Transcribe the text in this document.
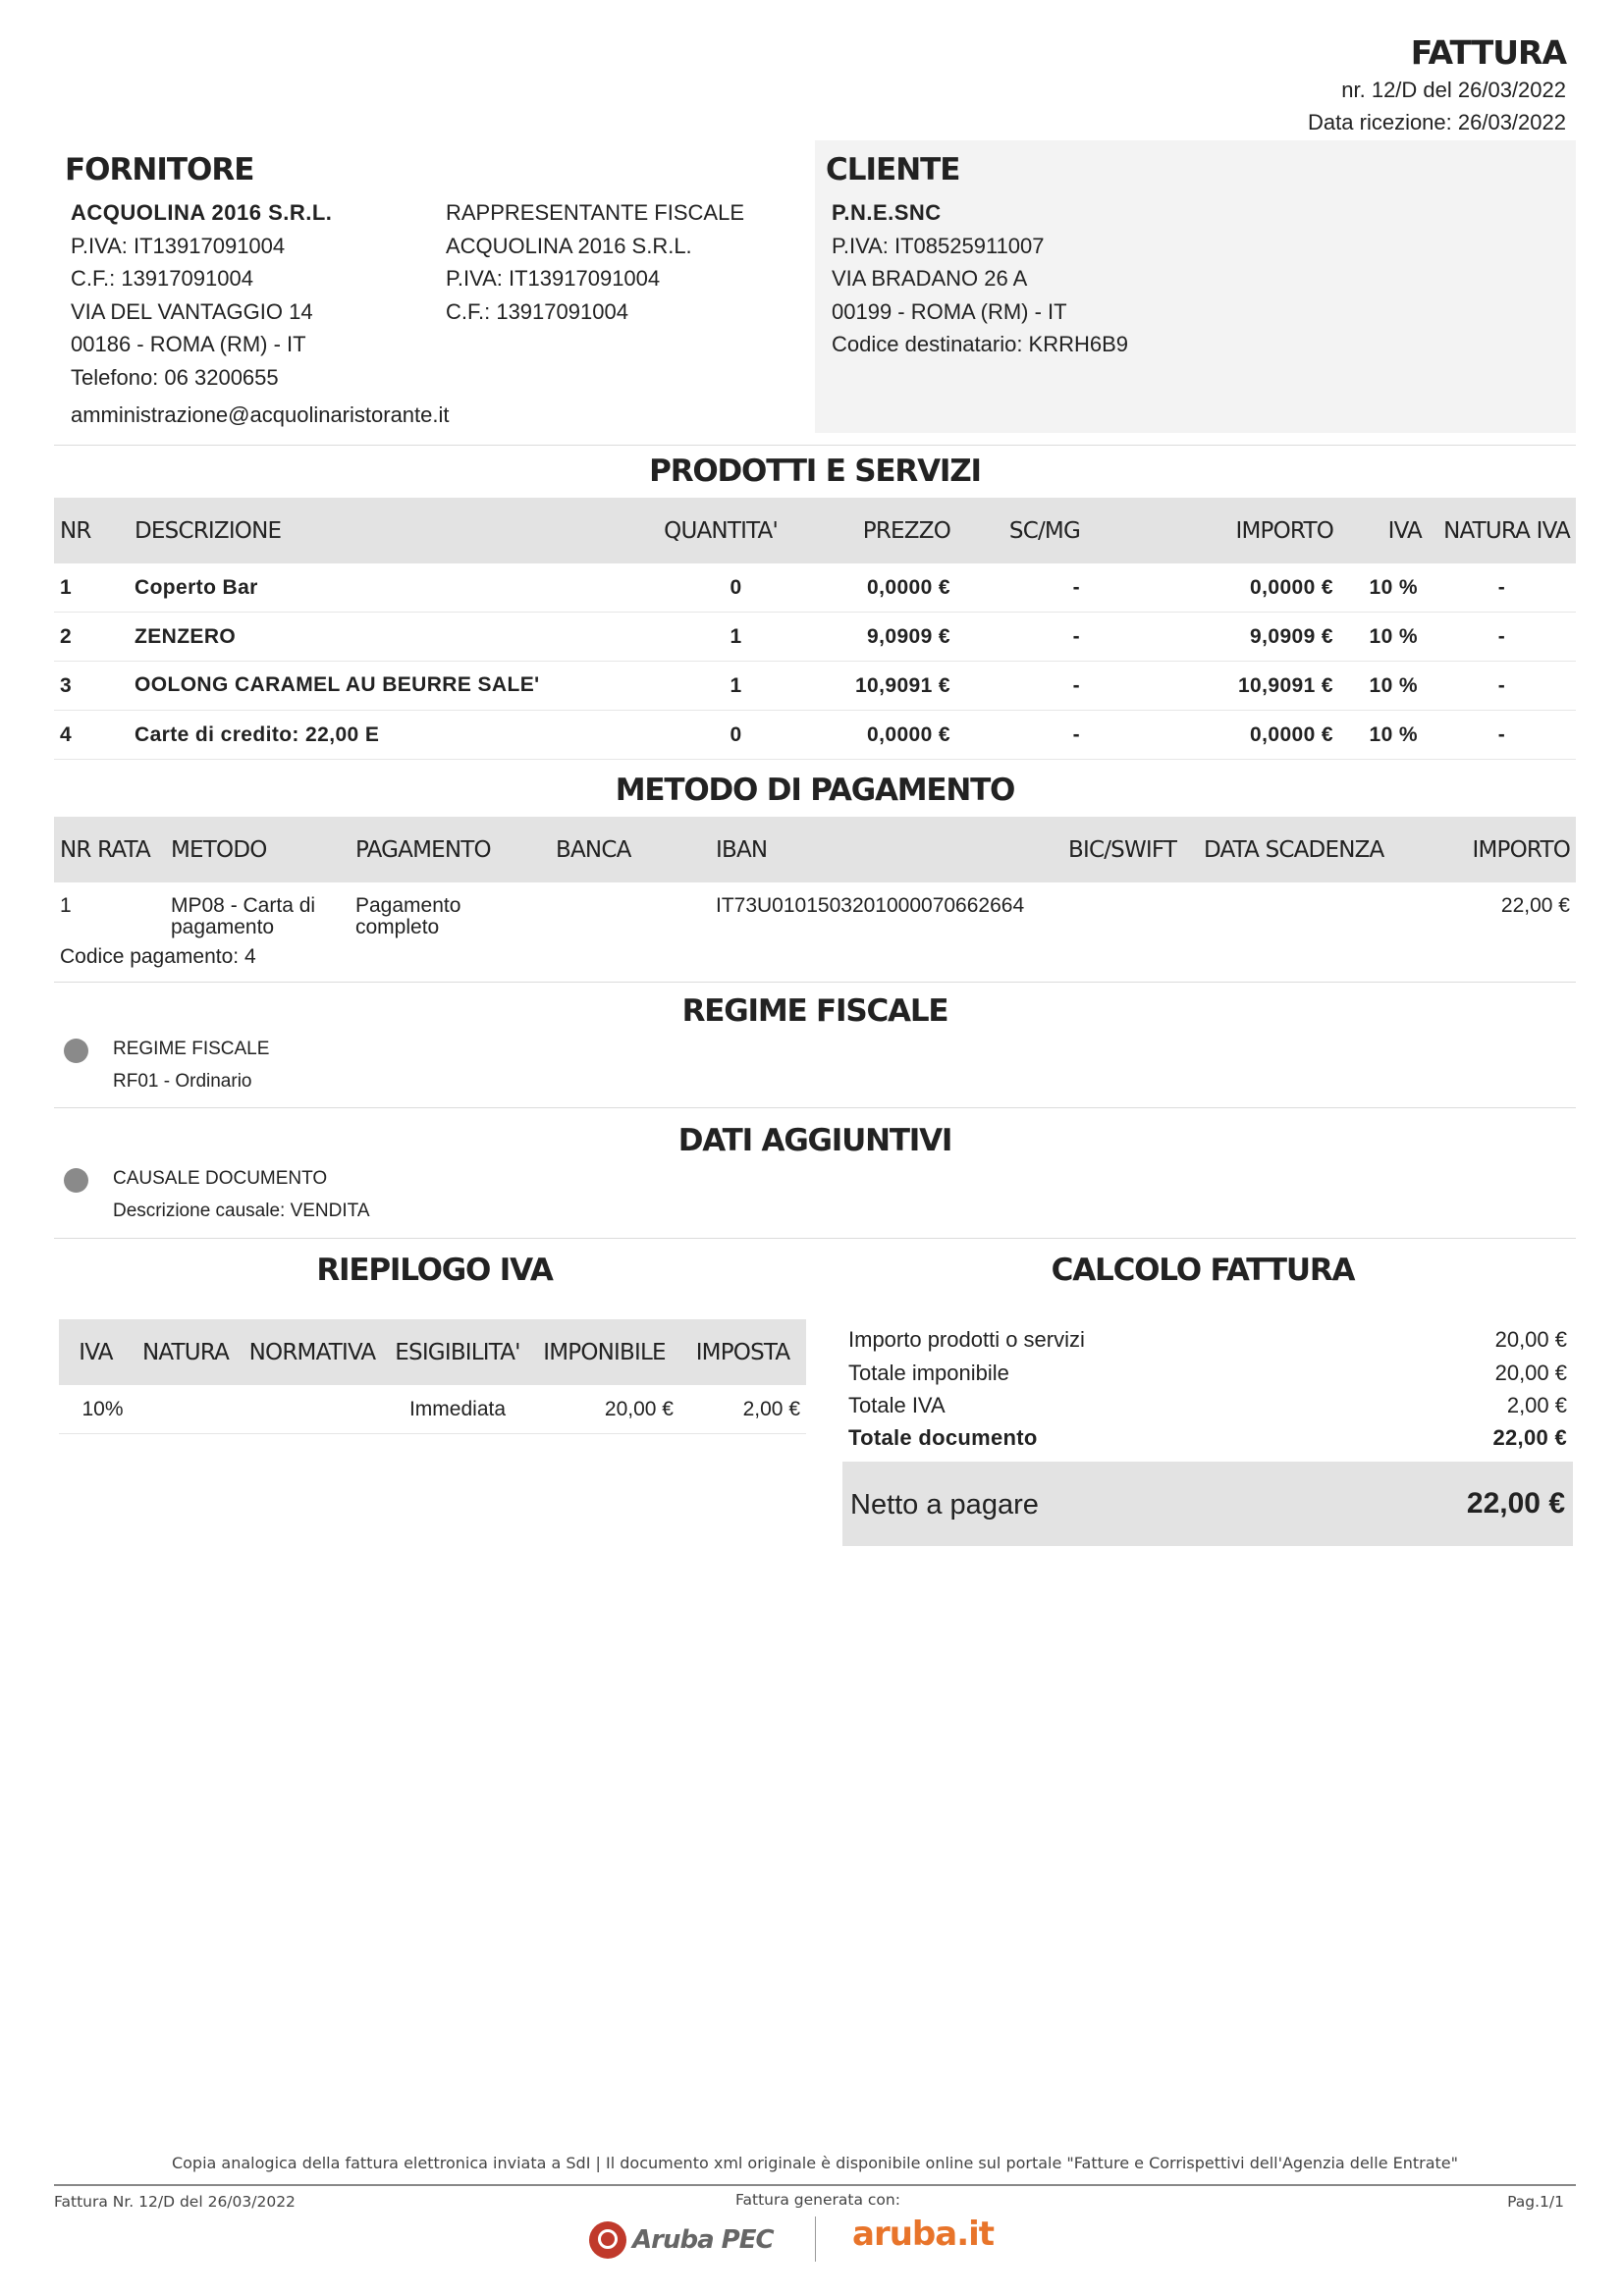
FATTURA
nr. 12/D del 26/03/2022
Data ricezione: 26/03/2022
FORNITORE
ACQUOLINA 2016 S.R.L.
P.IVA: IT13917091004
C.F.: 13917091004
VIA DEL VANTAGGIO 14
00186 - ROMA (RM) - IT
Telefono: 06 3200655
amministrazione@acquolinaristorante.it
RAPPRESENTANTE FISCALE
ACQUOLINA 2016 S.R.L.
P.IVA: IT13917091004
C.F.: 13917091004
CLIENTE
P.N.E.SNC
P.IVA: IT08525911007
VIA BRADANO 26 A
00199 - ROMA (RM) - IT
Codice destinatario: KRRH6B9
PRODOTTI E SERVIZI
NR	DESCRIZIONE	QUANTITA'	PREZZO	SC/MG	IMPORTO	IVA	NATURA IVA
1	Coperto Bar	0	0,0000 €	-	0,0000 €	10 %	-
2	ZENZERO	1	9,0909 €	-	9,0909 €	10 %	-
3	OOLONG CARAMEL AU BEURRE SALE'	1	10,9091 €	-	10,9091 €	10 %	-
4	Carte di credito: 22,00 E	0	0,0000 €	-	0,0000 €	10 %	-
METODO DI PAGAMENTO
NR RATA	METODO	PAGAMENTO	BANCA	IBAN	BIC/SWIFT	DATA SCADENZA	IMPORTO
1	MP08 - Carta di pagamento	Pagamento completo		IT73U0101503201000070662664			22,00 €
Codice pagamento: 4
REGIME FISCALE
REGIME FISCALE
RF01 - Ordinario
DATI AGGIUNTIVI
CAUSALE DOCUMENTO
Descrizione causale: VENDITA
RIEPILOGO IVA
IVA	NATURA	NORMATIVA	ESIGIBILITA'	IMPONIBILE	IMPOSTA
10%			Immediata	20,00 €	2,00 €
CALCOLO FATTURA
Importo prodotti o servizi	20,00 €
Totale imponibile	20,00 €
Totale IVA	2,00 €
Totale documento	22,00 €
Netto a pagare	22,00 €
Copia analogica della fattura elettronica inviata a SdI | Il documento xml originale è disponibile online sul portale "Fatture e Corrispettivi dell'Agenzia delle Entrate"
Fattura Nr. 12/D del 26/03/2022	Fattura generata con:	Pag.1/1
Aruba PEC aruba.it
